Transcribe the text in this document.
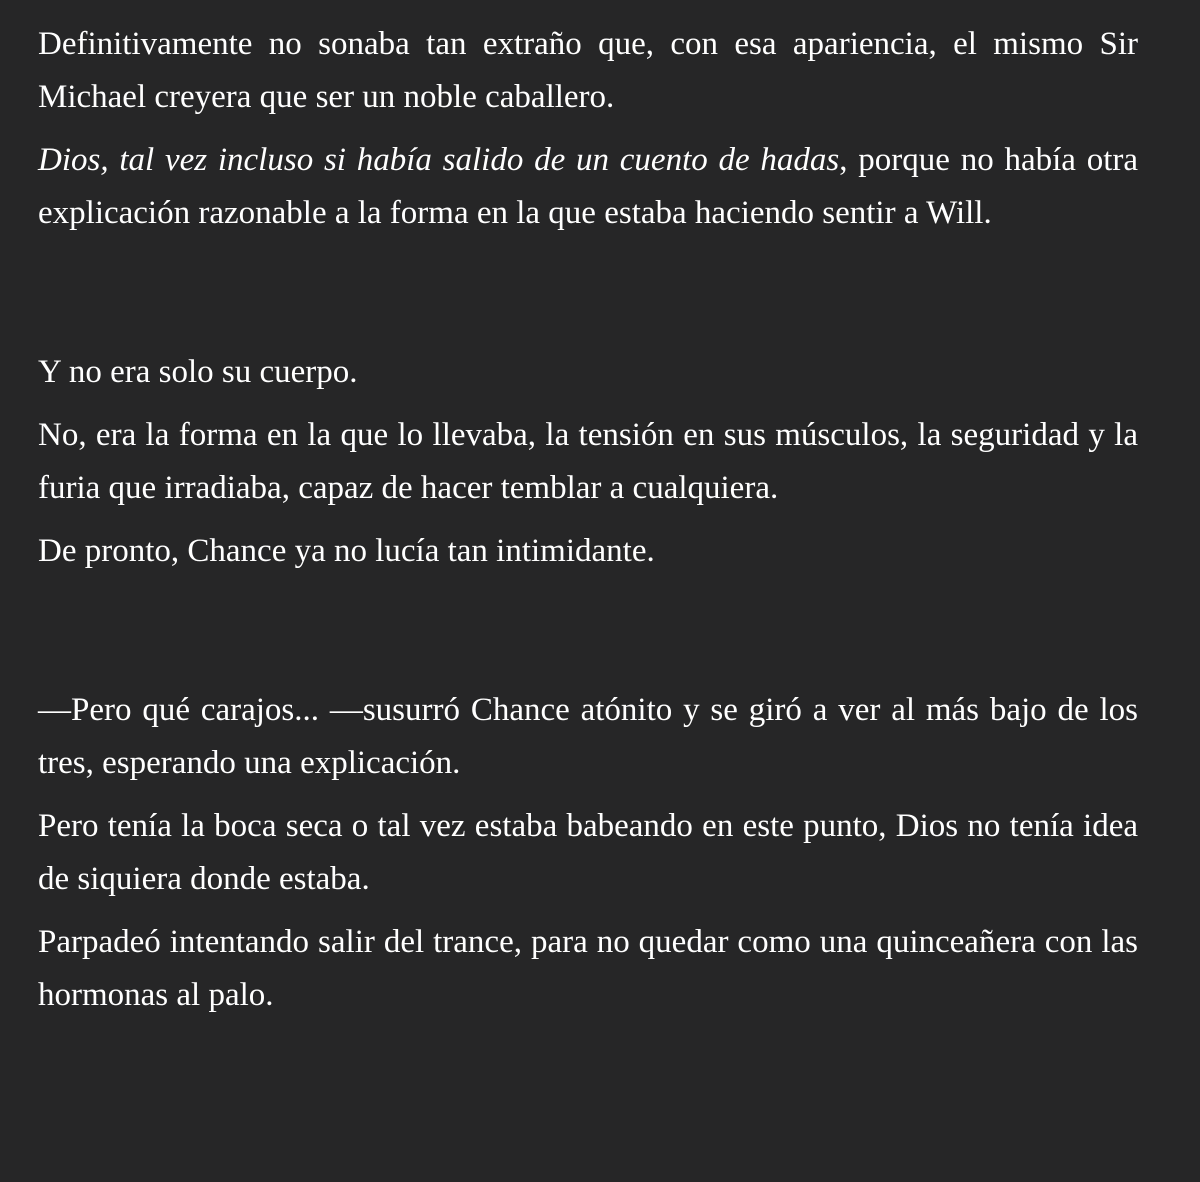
Definitivamente no sonaba tan extraño que, con esa apariencia, el mismo Sir Michael creyera que ser un noble caballero.

Dios, tal vez incluso si había salido de un cuento de hadas, porque no había otra explicación razonable a la forma en la que estaba haciendo sentir a Will.

Y no era solo su cuerpo.

No, era la forma en la que lo llevaba, la tensión en sus músculos, la seguridad y la furia que irradiaba, capaz de hacer temblar a cualquiera.

De pronto, Chance ya no lucía tan intimidante.

—Pero qué carajos... —susurró Chance atónito y se giró a ver al más bajo de los tres, esperando una explicación.

Pero tenía la boca seca o tal vez estaba babeando en este punto, Dios no tenía idea de siquiera donde estaba.

Parpadeó intentando salir del trance, para no quedar como una quinceañera con las hormonas al palo.
